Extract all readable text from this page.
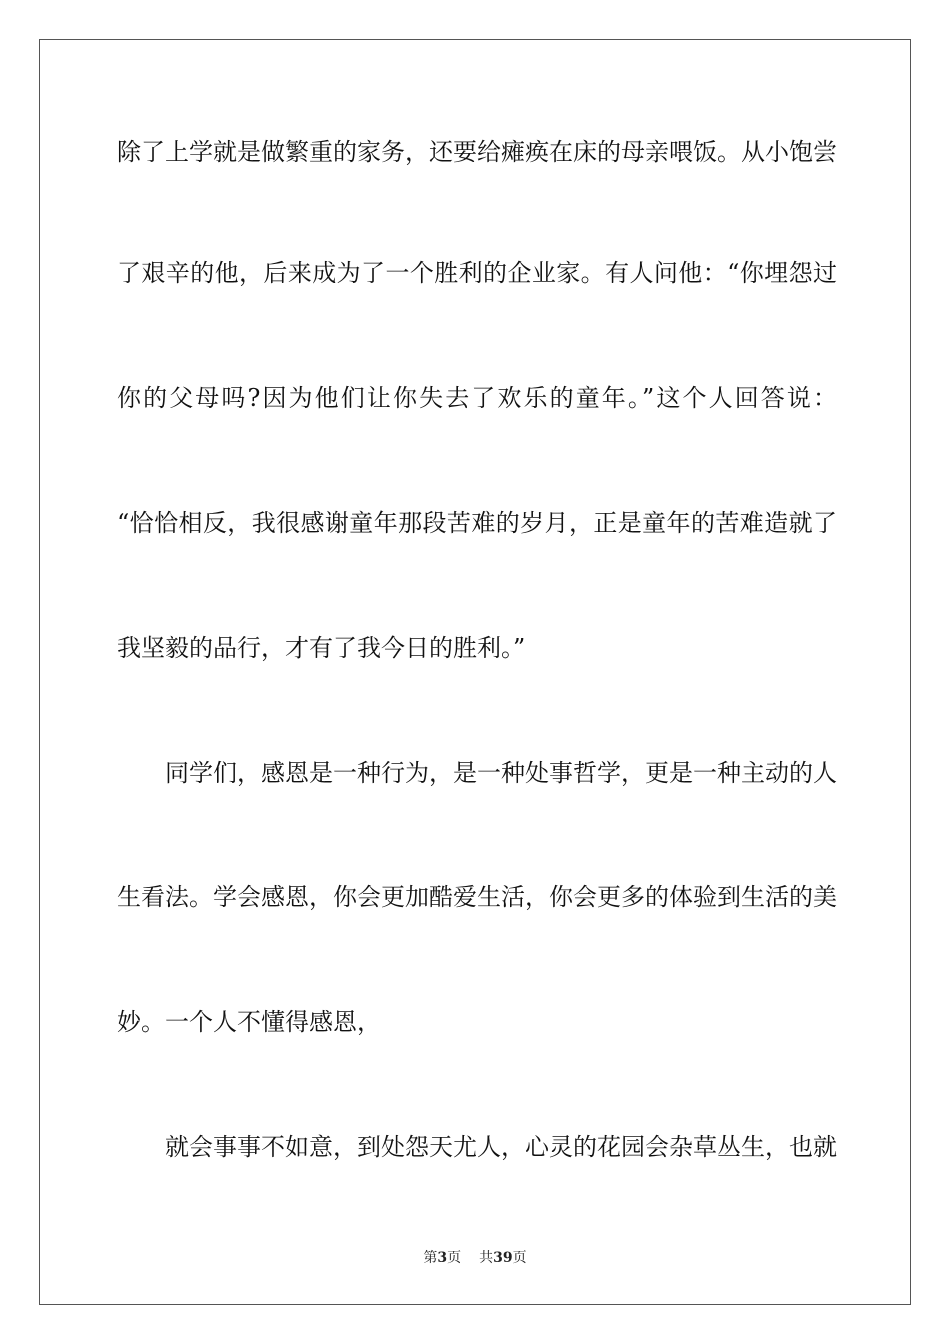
除了上学就是做繁重的家务，还要给瘫痪在床的母亲喂饭。从小饱尝
了艰辛的他，后来成为了一个胜利的企业家。有人问他：“你埋怨过
你的父母吗?因为他们让你失去了欢乐的童年。”这个人回答说：
“恰恰相反，我很感谢童年那段苦难的岁月，正是童年的苦难造就了
我坚毅的品行，才有了我今日的胜利。”
　　同学们，感恩是一种行为，是一种处事哲学，更是一种主动的人
生看法。学会感恩，你会更加酷爱生活，你会更多的体验到生活的美
妙。一个人不懂得感恩，
　　就会事事不如意，到处怨天尤人，心灵的花园会杂草丛生，也就
第3页 共39页
